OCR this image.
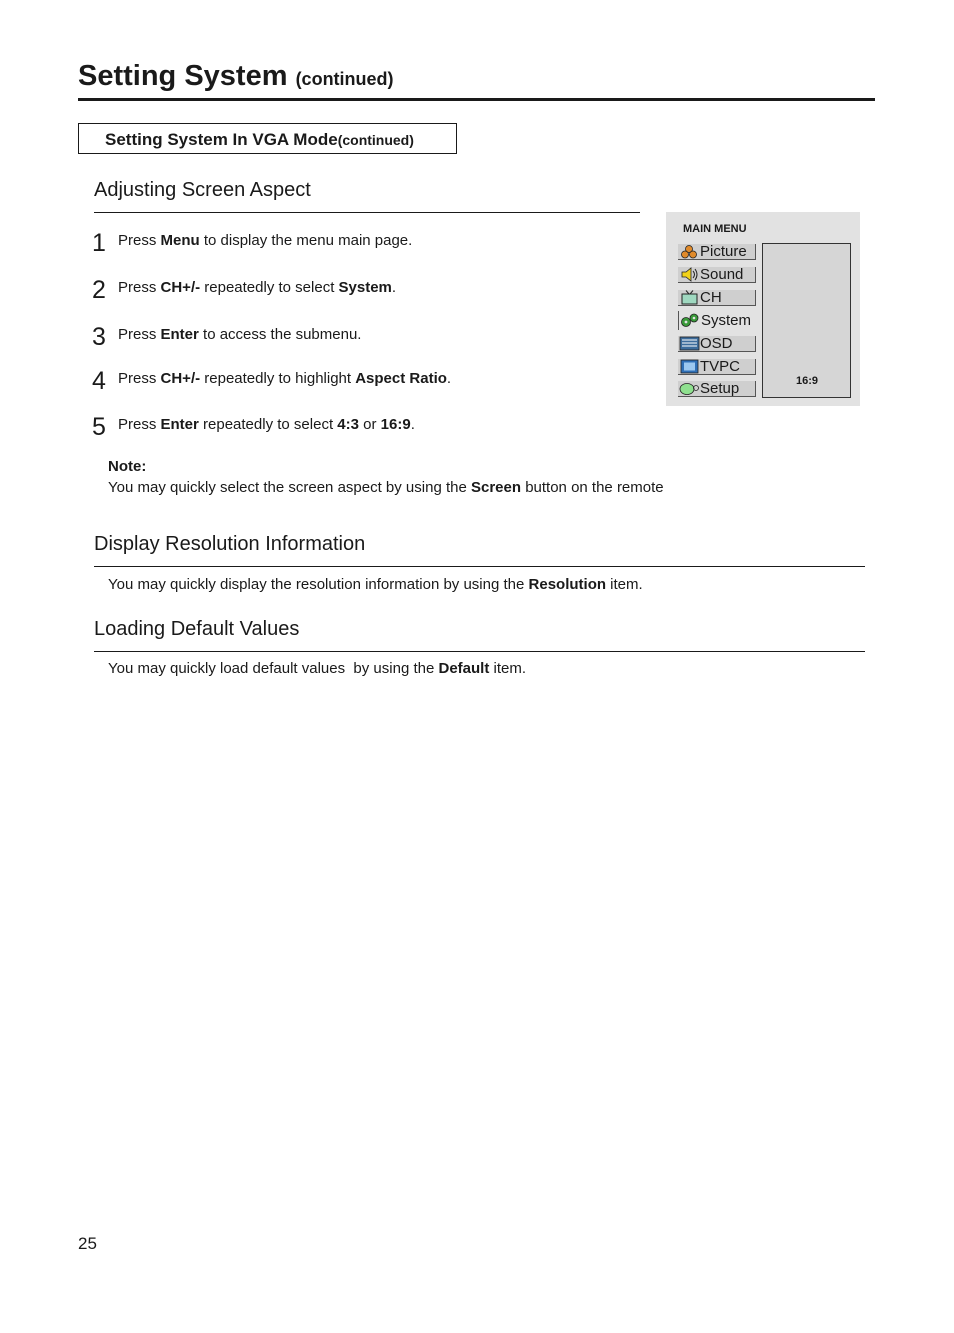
Setting System (continued)
Setting System In VGA Mode(continued)
Adjusting Screen Aspect
1 Press Menu to display the menu main page.
2 Press CH+/- repeatedly to select System.
3 Press Enter to access the submenu.
4 Press CH+/- repeatedly to highlight Aspect Ratio.
5 Press Enter repeatedly to select 4:3 or 16:9.
Note:
You may quickly select the screen aspect by using the Screen button on the remote
Display Resolution Information
You may quickly display the resolution information by using the Resolution item.
Loading Default Values
You may quickly load default values  by using the Default item.
MAIN MENU
Picture
Sound
CH
System
OSD
TVPC
Setup	16:9
25
